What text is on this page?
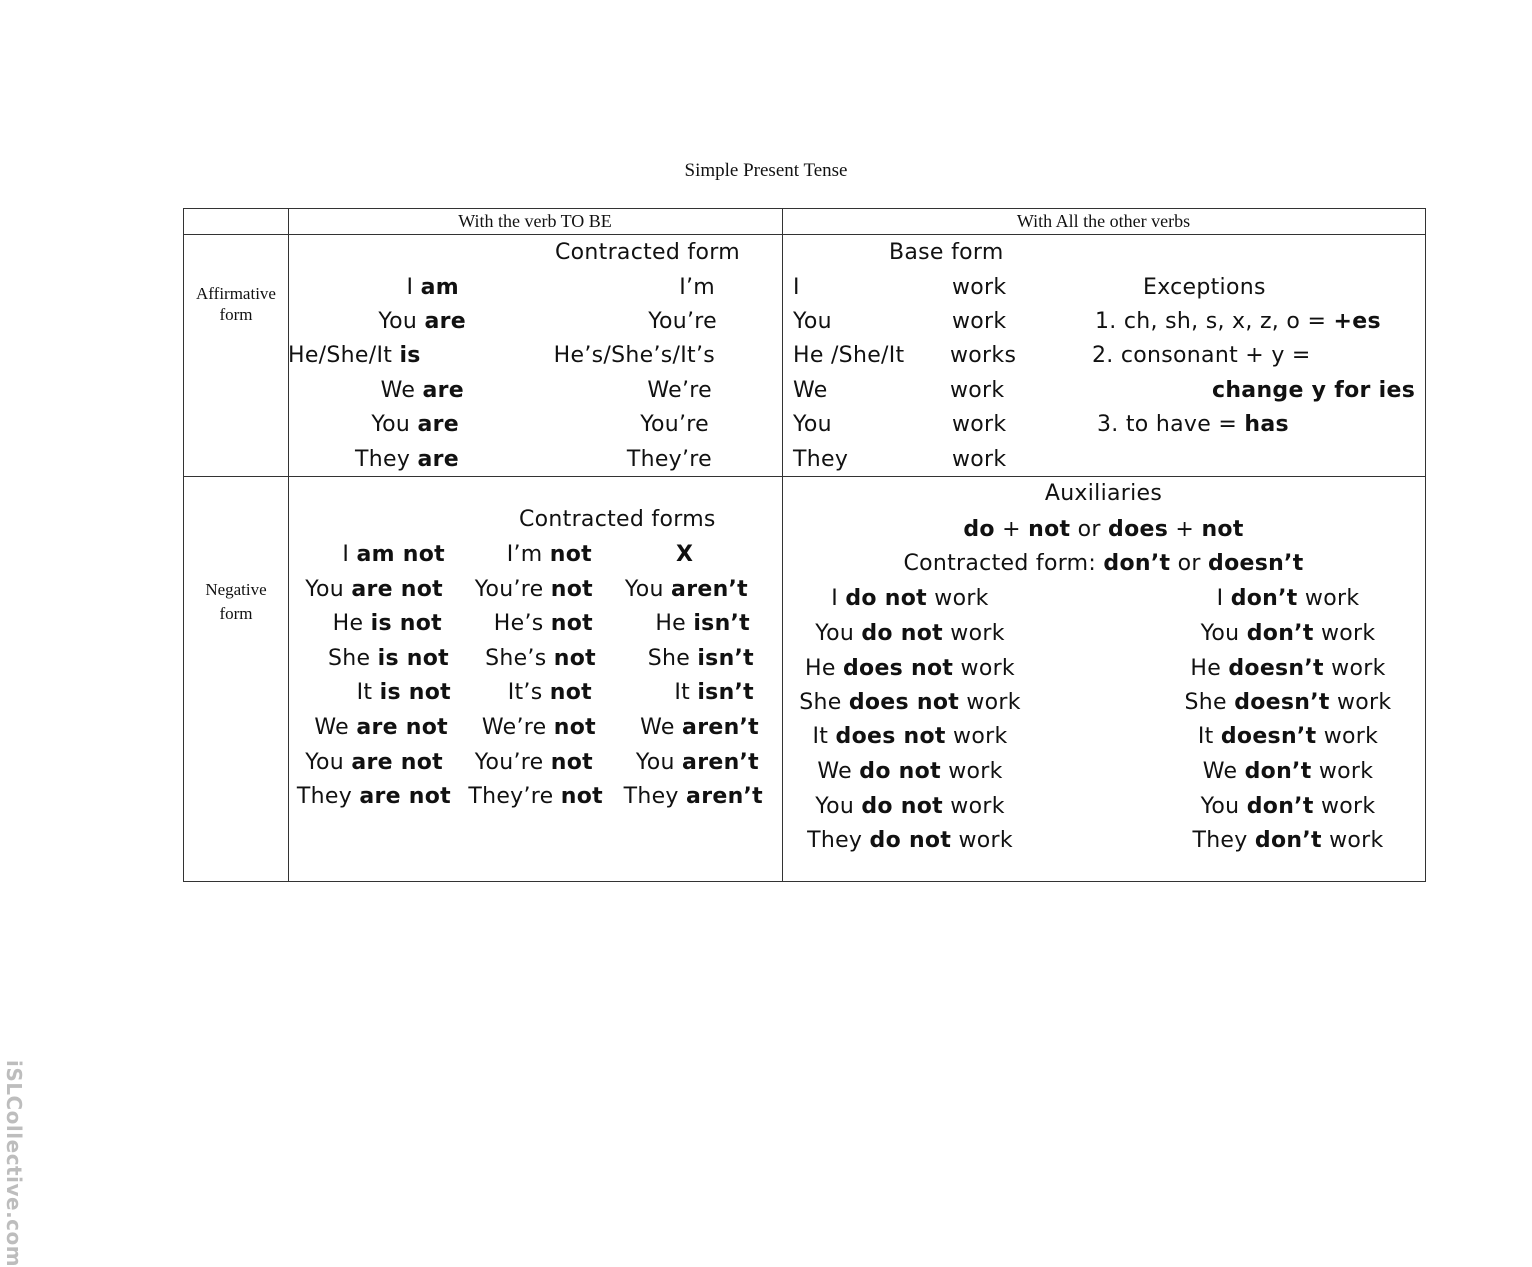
Simple Present Tense
With the verb TO BE	With All the other verbs
Affirmative
form
Negative
form
Contracted form
I am
You are
He/She/It is
We are
You are
They are
I’m
You’re
He’s/She’s/It’s
We’re
You’re
They’re
Base form
I
You
He /She/It
We
You
They
work
work
works
work
work
work
Exceptions
1. ch, sh, s, x, z, o = +es
2. consonant + y =
change y for ies
3. to have = has
Contracted forms
I am not
You are not
He is not
She is not
It is not
We are not
You are not
They are not
I’m not
You’re not
He’s not
She’s not
It’s not
We’re not
You’re not
They’re not
X
You aren’t
He isn’t
She isn’t
It isn’t
We aren’t
You aren’t
They aren’t
Auxiliaries
do + not or does + not
Contracted form: don’t or doesn’t
I do not work
You do not work
He does not work
She does not work
It does not work
We do not work
You do not work
They do not work
I don’t work
You don’t work
He doesn’t work
She doesn’t work
It doesn’t work
We don’t work
You don’t work
They don’t work
iSLCollective.com
